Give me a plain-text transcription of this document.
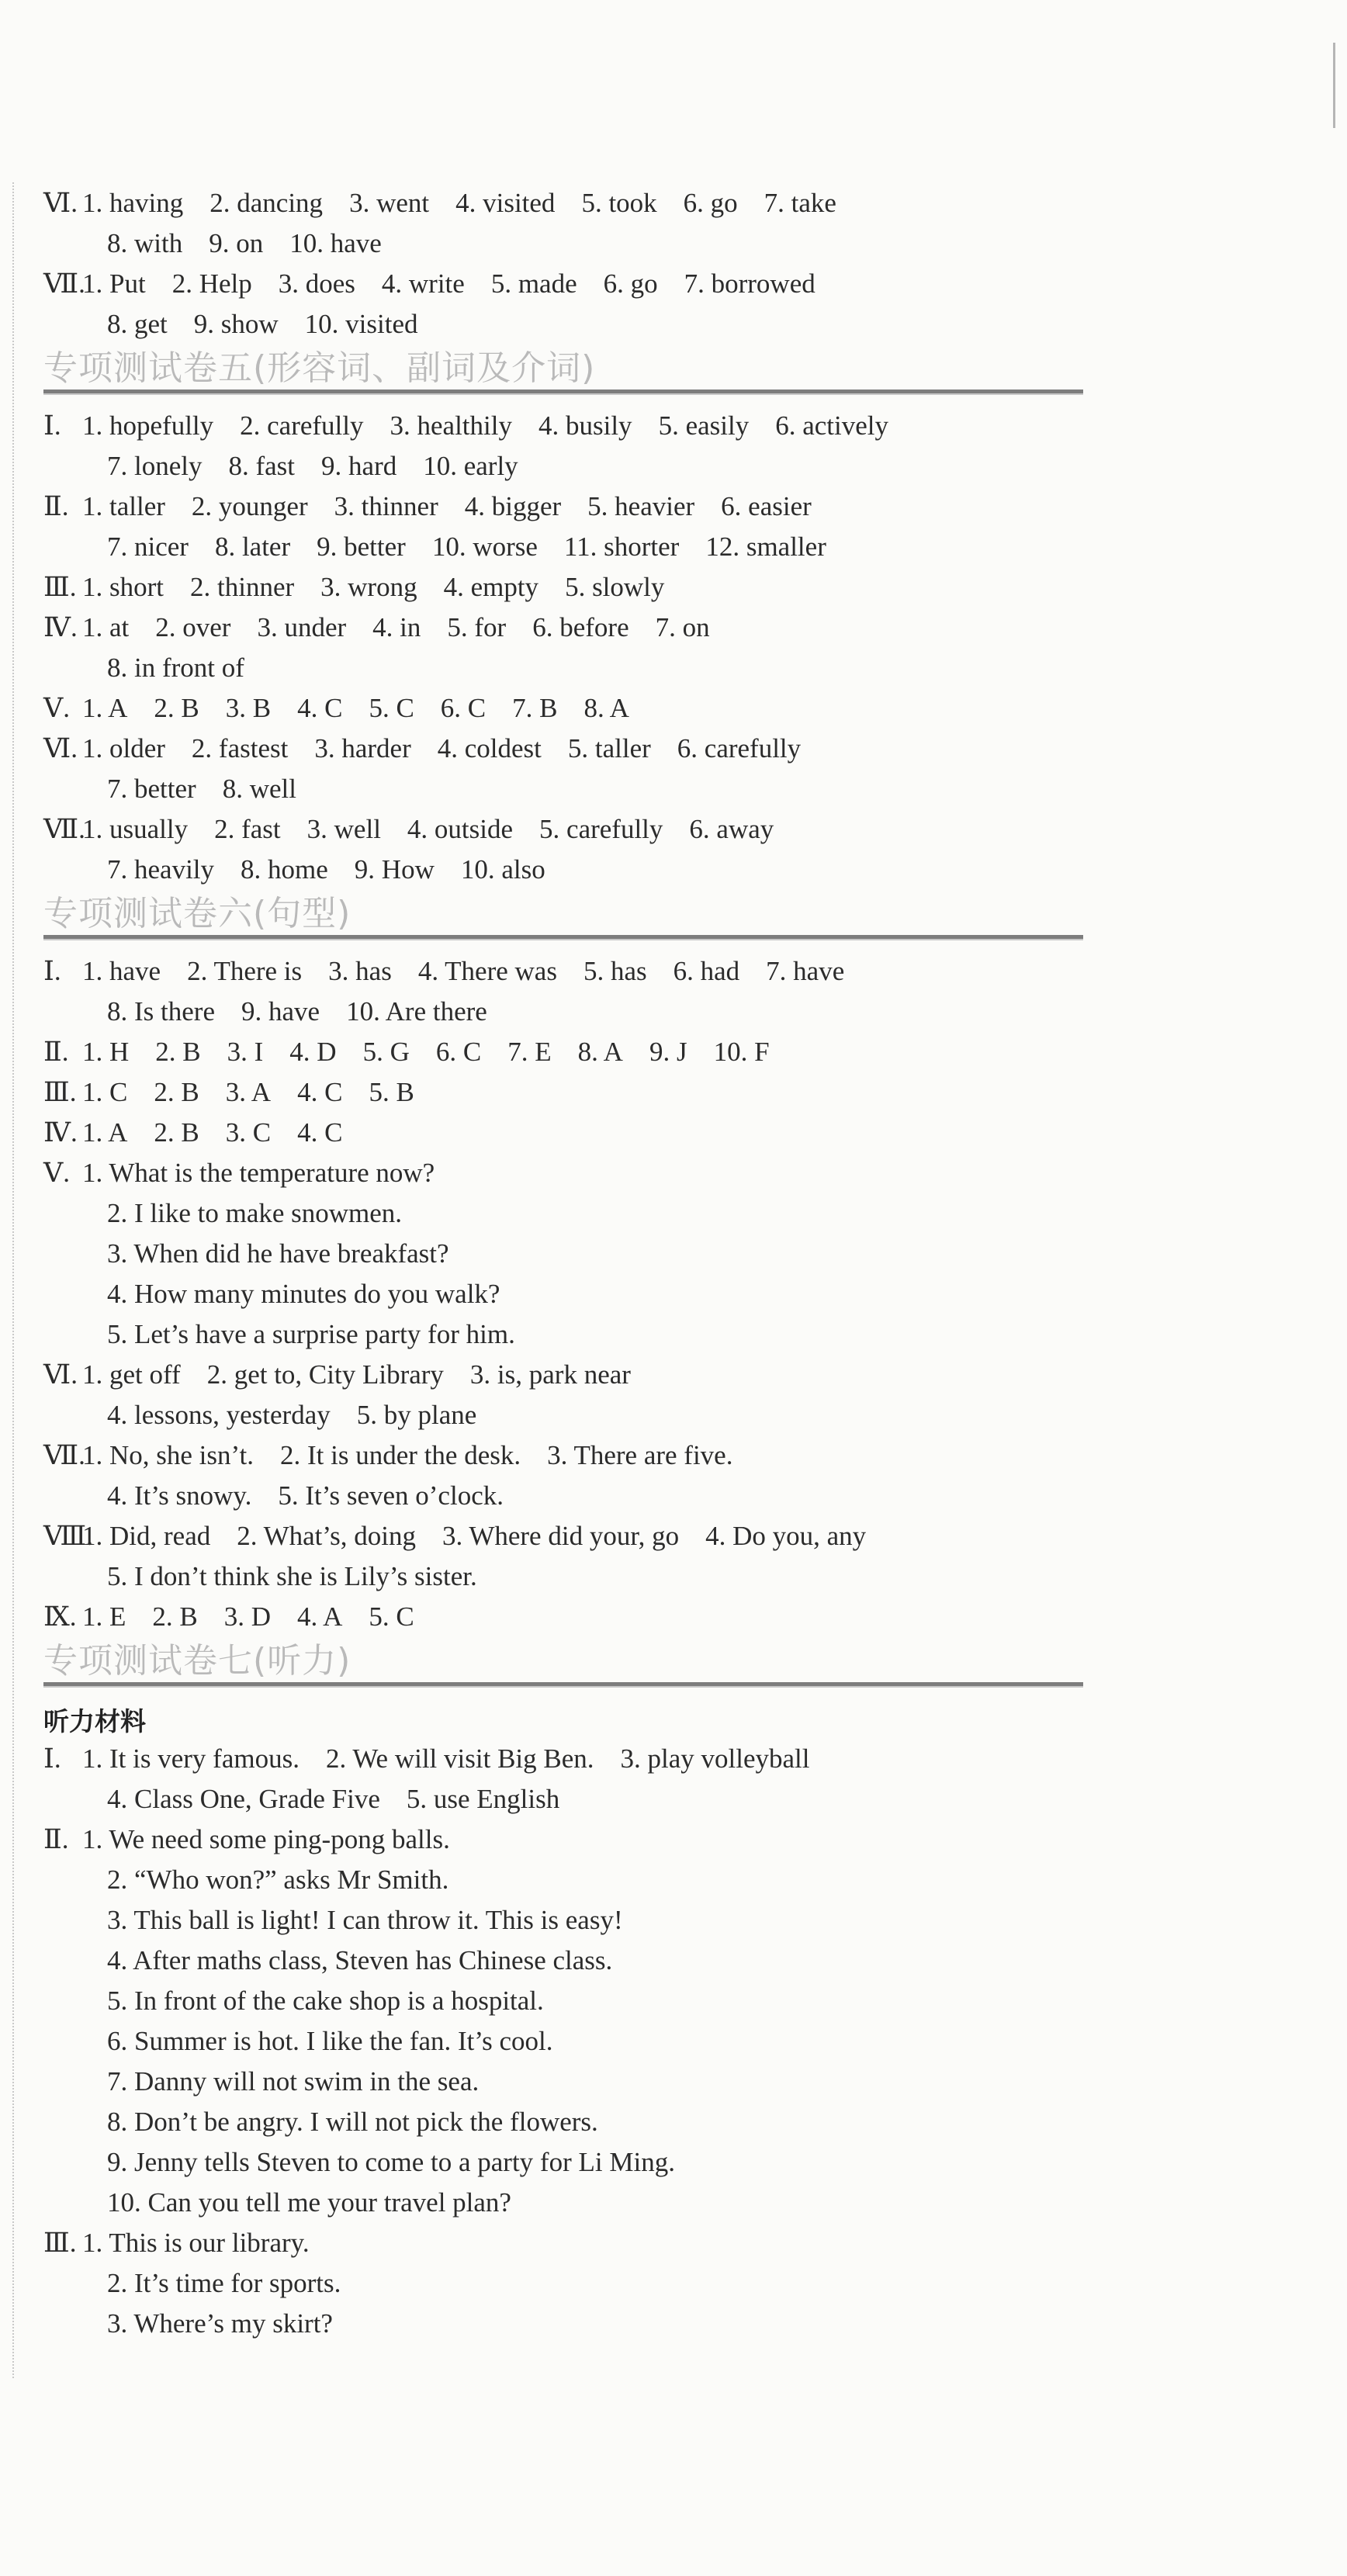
Ⅵ. 1. having 2. dancing 3. went 4. visited 5. took 6. go 7. take
8. with 9. on 10. have
Ⅶ.
1. Put 2. Help 3. does 4. write 5. made 6. go 7. borrowed
8. get 9. show 10. visited
专项测试卷五(形容词、副词及介词)
Ⅰ. 1. hopefully 2. carefully 3. healthily 4. busily 5. easily 6. actively
7. lonely 8. fast 9. hard 10. early
Ⅱ. 1. taller 2. younger 3. thinner 4. bigger 5. heavier 6. easier
7. nicer 8. later 9. better 10. worse 11. shorter 12. smaller
Ⅲ. 1. short 2. thinner 3. wrong 4. empty 5. slowly
Ⅳ. 1. at 2. over 3. under 4. in 5. for 6. before 7. on
8. in front of
Ⅴ. 1. A 2. B 3. B 4. C 5. C 6. C 7. B 8. A
Ⅵ. 1. older 2. fastest 3. harder 4. coldest 5. taller 6. carefully
7. better 8. well
Ⅶ.
1. usually 2. fast 3. well 4. outside 5. carefully 6. away
7. heavily 8. home 9. How 10. also
专项测试卷六(句型)
Ⅰ. 1. have 2. There is 3. has 4. There was 5. has 6. had 7. have
8. Is there 9. have 10. Are there
Ⅱ. 1. H 2. B 3. I 4. D 5. G 6. C 7. E 8. A 9. J 10. F
Ⅲ. 1. C 2. B 3. A 4. C 5. B
Ⅳ. 1. A 2. B 3. C 4. C
Ⅴ. 1. What is the temperature now?
2. I like to make snowmen.
3. When did he have breakfast?
4. How many minutes do you walk?
5. Let’s have a surprise party for him.
Ⅵ. 1. get off 2. get to, City Library 3. is, park near
4. lessons, yesterday 5. by plane
Ⅶ.
1. No, she isn’t. 2. It is under the desk. 3. There are five.
4. It’s snowy. 5. It’s seven o’clock.
Ⅷ.
1. Did, read 2. What’s, doing 3. Where did your, go 4. Do you, any
5. I don’t think she is Lily’s sister.
Ⅸ. 1. E 2. B 3. D 4. A 5. C
专项测试卷七(听力)
听力材料
Ⅰ. 1. It is very famous. 2. We will visit Big Ben. 3. play volleyball
4. Class One, Grade Five 5. use English
Ⅱ. 1. We need some ping-pong balls.
2. “Who won?” asks Mr Smith.
3. This ball is light! I can throw it. This is easy!
4. After maths class, Steven has Chinese class.
5. In front of the cake shop is a hospital.
6. Summer is hot. I like the fan. It’s cool.
7. Danny will not swim in the sea.
8. Don’t be angry. I will not pick the flowers.
9. Jenny tells Steven to come to a party for Li Ming.
10. Can you tell me your travel plan?
Ⅲ. 1. This is our library.
2. It’s time for sports.
3. Where’s my skirt?
